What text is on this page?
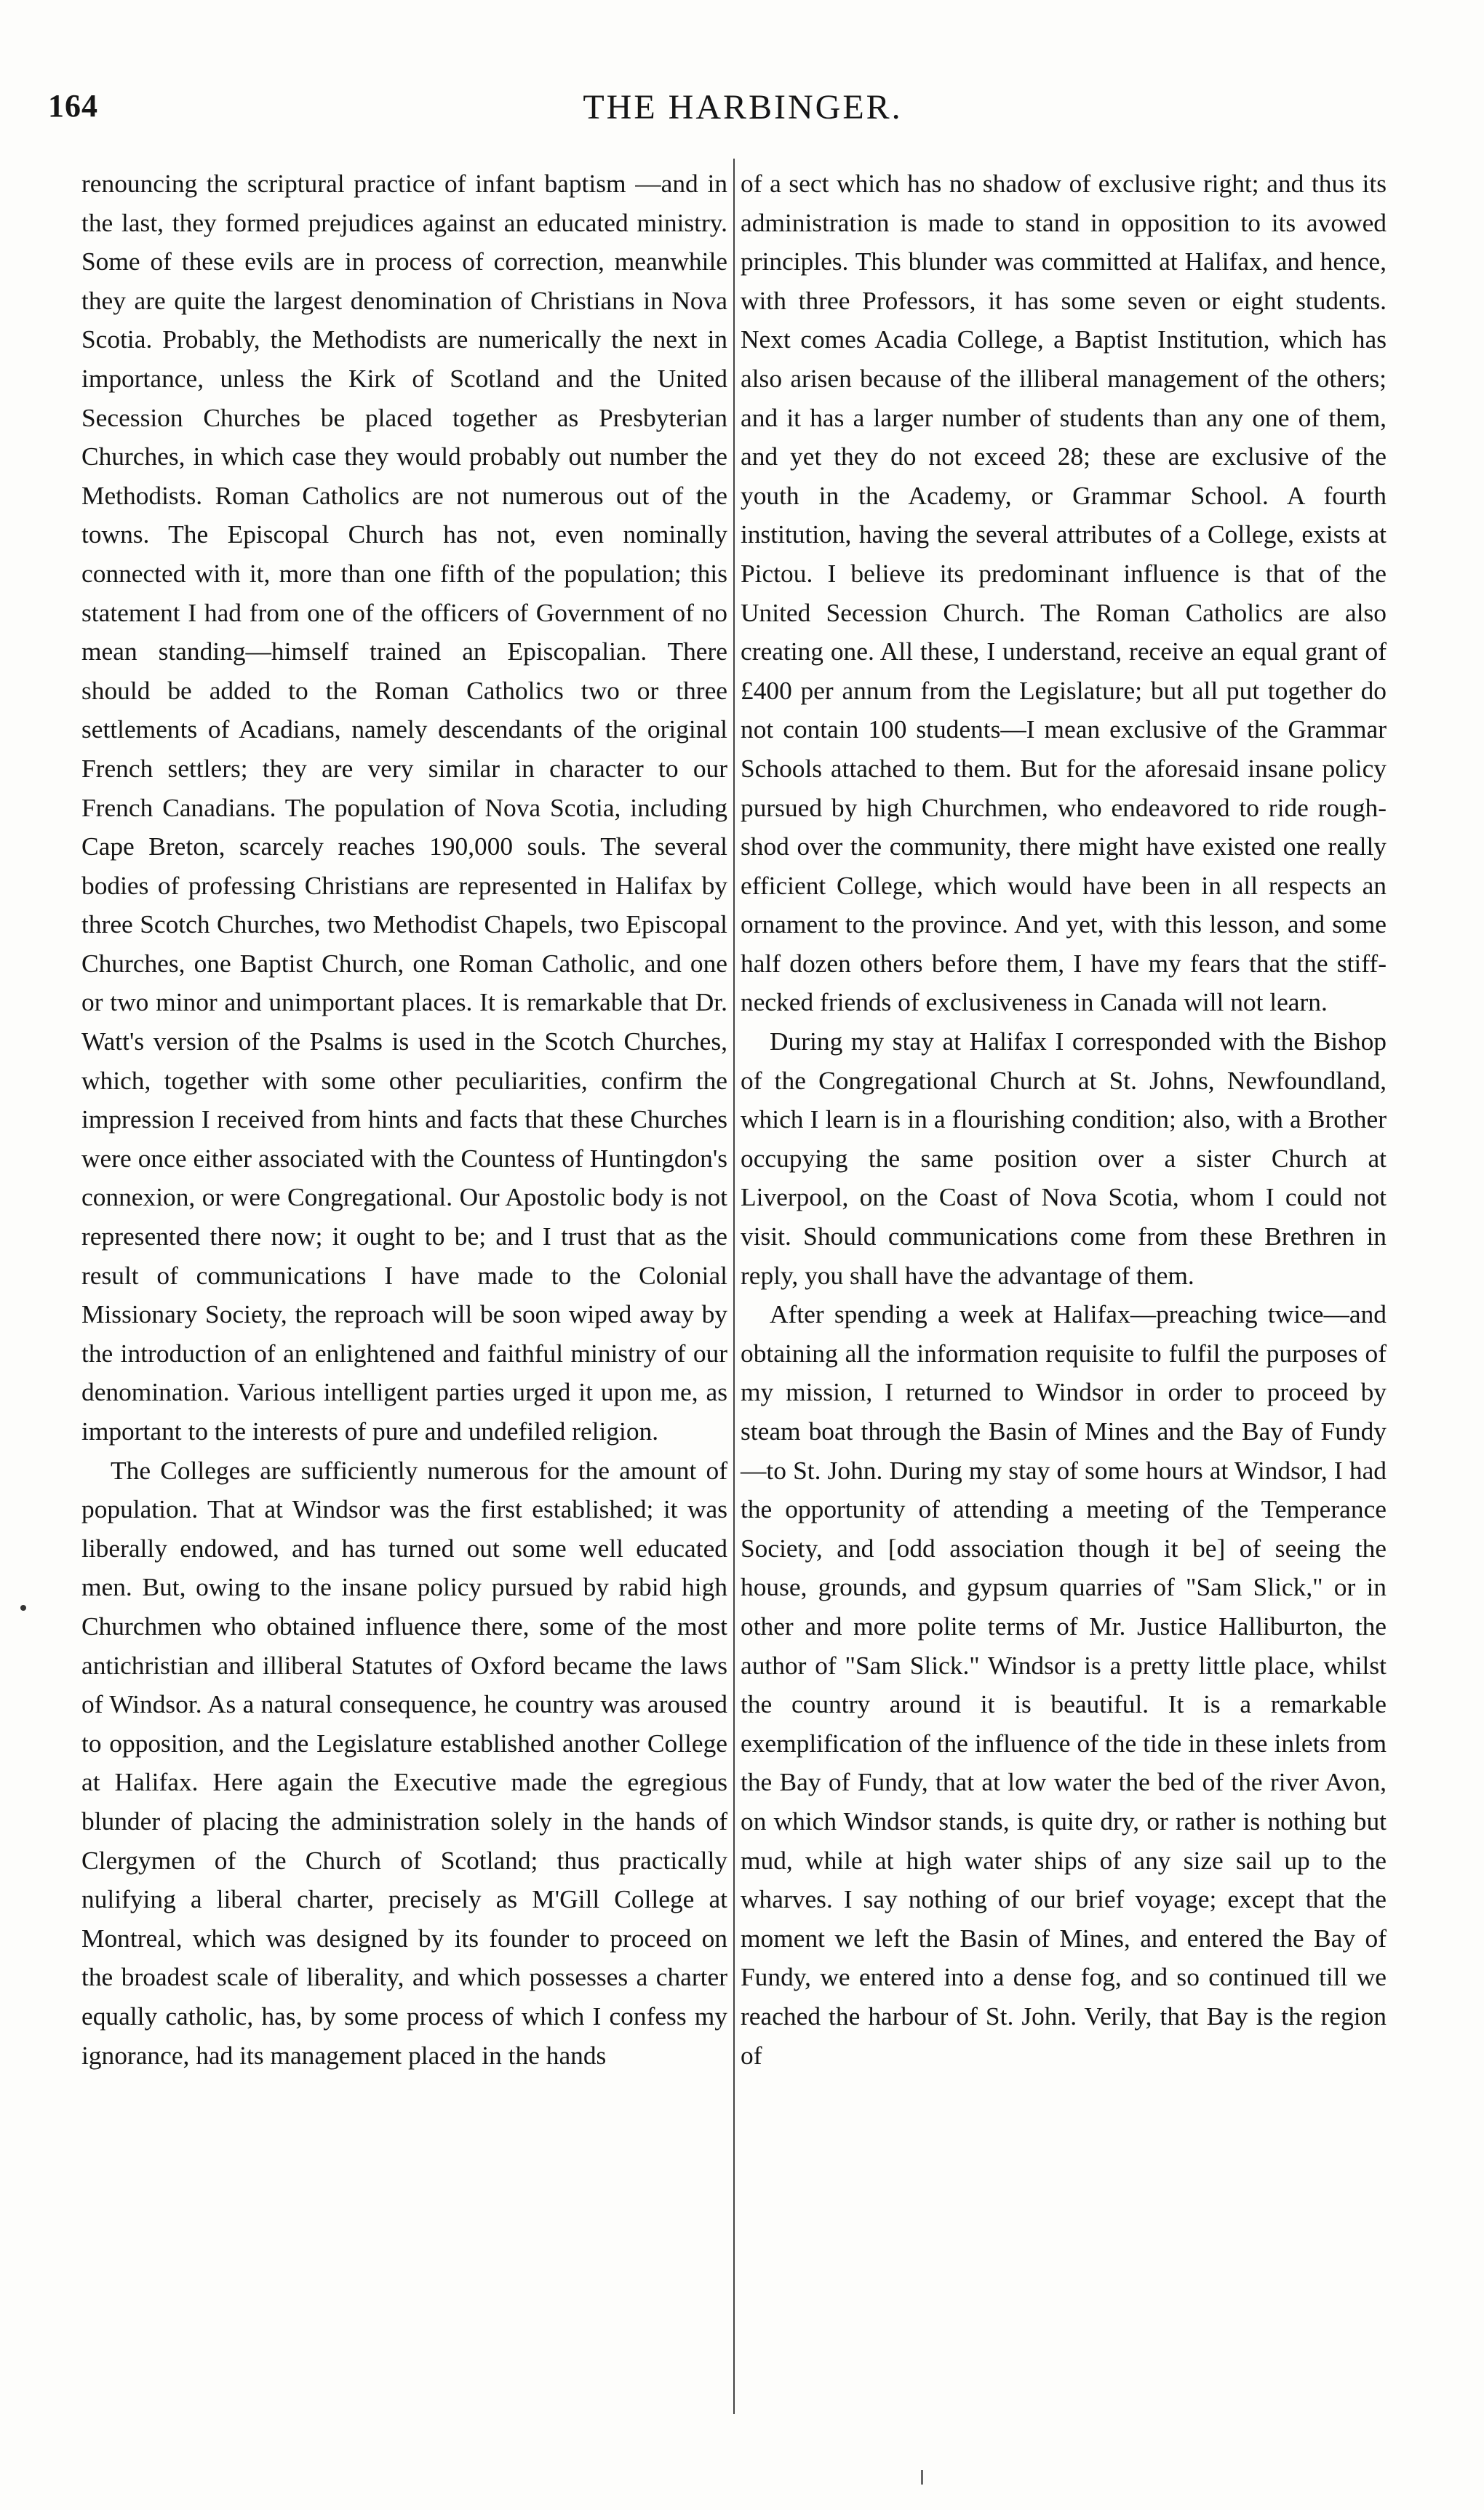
164	THE HARBINGER.

renouncing the scriptural practice of infant baptism —and in the last, they formed prejudices against an educated ministry. Some of these evils are in process of correction, meanwhile they are quite the largest denomination of Christians in Nova Scotia. Probably, the Methodists are numerically the next in importance, unless the Kirk of Scotland and the United Secession Churches be placed together as Presbyterian Churches, in which case they would probably out number the Methodists. Roman Catholics are not numerous out of the towns. The Episcopal Church has not, even nominally connected with it, more than one fifth of the population; this statement I had from one of the officers of Government of no mean standing—himself trained an Episcopalian. There should be added to the Roman Catholics two or three settlements of Acadians, namely descendants of the original French settlers; they are very similar in character to our French Canadians. The population of Nova Scotia, including Cape Breton, scarcely reaches 190,000 souls. The several bodies of professing Christians are represented in Halifax by three Scotch Churches, two Methodist Chapels, two Episcopal Churches, one Baptist Church, one Roman Catholic, and one or two minor and unimportant places. It is remarkable that Dr. Watt's version of the Psalms is used in the Scotch Churches, which, together with some other peculiarities, confirm the impression I received from hints and facts that these Churches were once either associated with the Countess of Huntingdon's connexion, or were Congregational. Our Apostolic body is not represented there now; it ought to be; and I trust that as the result of communications I have made to the Colonial Missionary Society, the reproach will be soon wiped away by the introduction of an enlightened and faithful ministry of our denomination. Various intelligent parties urged it upon me, as important to the interests of pure and undefiled religion.

The Colleges are sufficiently numerous for the amount of population. That at Windsor was the first established; it was liberally endowed, and has turned out some well educated men. But, owing to the insane policy pursued by rabid high Churchmen who obtained influence there, some of the most antichristian and illiberal Statutes of Oxford became the laws of Windsor. As a natural consequence, he country was aroused to opposition, and the Legislature established another College at Halifax. Here again the Executive made the egregious blunder of placing the administration solely in the hands of Clergymen of the Church of Scotland; thus practically nulifying a liberal charter, precisely as M'Gill College at Montreal, which was designed by its founder to proceed on the broadest scale of liberality, and which possesses a charter equally catholic, has, by some process of which I confess my ignorance, had its management placed in the hands

of a sect which has no shadow of exclusive right; and thus its administration is made to stand in opposition to its avowed principles. This blunder was committed at Halifax, and hence, with three Professors, it has some seven or eight students. Next comes Acadia College, a Baptist Institution, which has also arisen because of the illiberal management of the others; and it has a larger number of students than any one of them, and yet they do not exceed 28; these are exclusive of the youth in the Academy, or Grammar School. A fourth institution, having the several attributes of a College, exists at Pictou. I believe its predominant influence is that of the United Secession Church. The Roman Catholics are also creating one. All these, I understand, receive an equal grant of £400 per annum from the Legislature; but all put together do not contain 100 students—I mean exclusive of the Grammar Schools attached to them. But for the aforesaid insane policy pursued by high Churchmen, who endeavored to ride rough-shod over the community, there might have existed one really efficient College, which would have been in all respects an ornament to the province. And yet, with this lesson, and some half dozen others before them, I have my fears that the stiff-necked friends of exclusiveness in Canada will not learn.

During my stay at Halifax I corresponded with the Bishop of the Congregational Church at St. Johns, Newfoundland, which I learn is in a flourishing condition; also, with a Brother occupying the same position over a sister Church at Liverpool, on the Coast of Nova Scotia, whom I could not visit. Should communications come from these Brethren in reply, you shall have the advantage of them.

After spending a week at Halifax—preaching twice—and obtaining all the information requisite to fulfil the purposes of my mission, I returned to Windsor in order to proceed by steam boat through the Basin of Mines and the Bay of Fundy—to St. John. During my stay of some hours at Windsor, I had the opportunity of attending a meeting of the Temperance Society, and [odd association though it be] of seeing the house, grounds, and gypsum quarries of "Sam Slick," or in other and more polite terms of Mr. Justice Halliburton, the author of "Sam Slick." Windsor is a pretty little place, whilst the country around it is beautiful. It is a remarkable exemplification of the influence of the tide in these inlets from the Bay of Fundy, that at low water the bed of the river Avon, on which Windsor stands, is quite dry, or rather is nothing but mud, while at high water ships of any size sail up to the wharves. I say nothing of our brief voyage; except that the moment we left the Basin of Mines, and entered the Bay of Fundy, we entered into a dense fog, and so continued till we reached the harbour of St. John. Verily, that Bay is the region of
